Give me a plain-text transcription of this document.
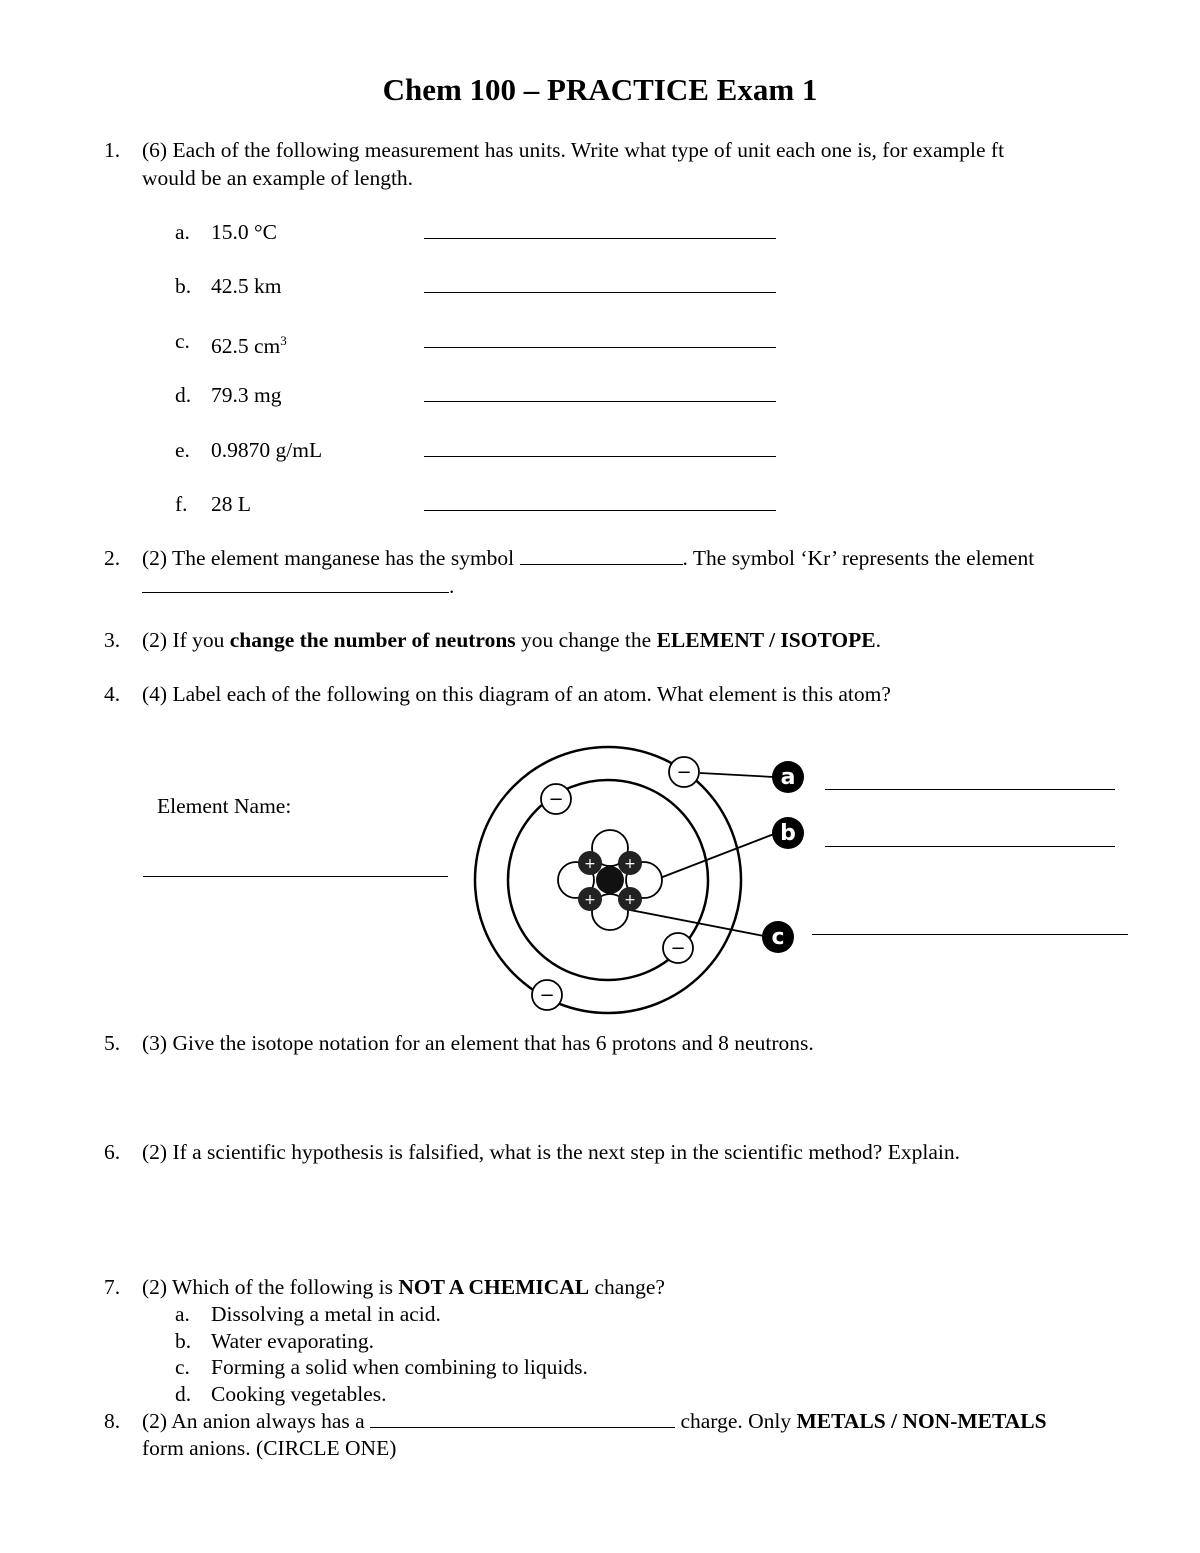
Chem 100 – PRACTICE Exam 1
1. (6) Each of the following measurement has units. Write what type of unit each one is, for example ft
would be an example of length.
a. 15.0 °C
b. 42.5 km
c. 62.5 $cm^3$
d. 79.3 mg
e. 0.9870 g/mL
f. 28 L
2. (2) The element manganese has the symbol	. The symbol ‘Kr’ represents the element
.
3. (2) If you change the number of neutrons you change the ELEMENT / ISOTOPE.
4. (4) Label each of the following on this diagram of an atom. What element is this atom?
Element Name:
+ +
+ +
−
−
−
−
a
b
c
5. (3) Give the isotope notation for an element that has 6 protons and 8 neutrons.
6. (2) If a scientific hypothesis is falsified, what is the next step in the scientific method? Explain.
7. (2) Which of the following is NOT A CHEMICAL change?
a. Dissolving a metal in acid.
b. Water evaporating.
c. Forming a solid when combining to liquids.
d. Cooking vegetables.
8. (2) An anion always has a	charge. Only METALS / NON-METALS
form anions. (CIRCLE ONE)
